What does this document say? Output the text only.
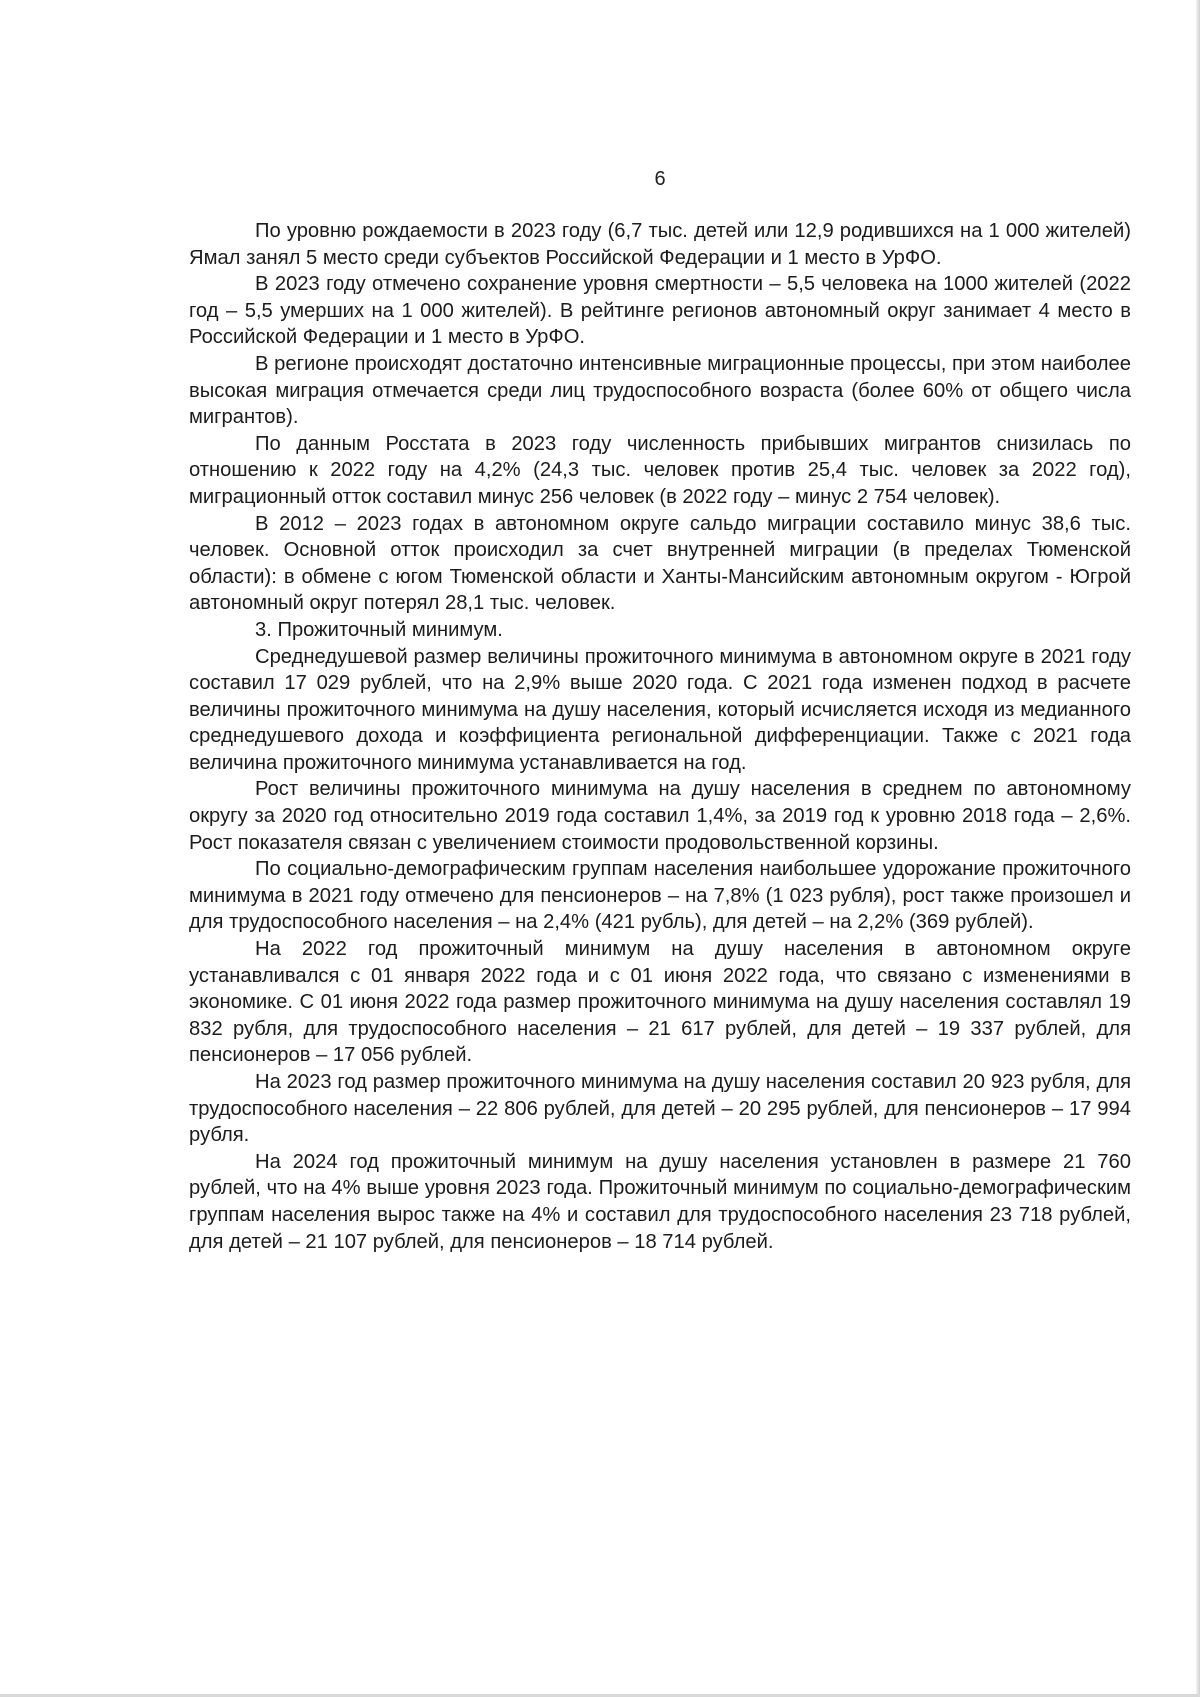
6

По уровню рождаемости в 2023 году (6,7 тыс. детей или 12,9 родившихся на 1 000 жителей) Ямал занял 5 место среди субъектов Российской Федерации и 1 место в УрФО.

В 2023 году отмечено сохранение уровня смертности – 5,5 человека на 1000 жителей (2022 год – 5,5 умерших на 1 000 жителей). В рейтинге регионов автономный округ занимает 4 место в Российской Федерации и 1 место в УрФО.

В регионе происходят достаточно интенсивные миграционные процессы, при этом наиболее высокая миграция отмечается среди лиц трудоспособного возраста (более 60% от общего числа мигрантов).

По данным Росстата в 2023 году численность прибывших мигрантов снизилась по отношению к 2022 году на 4,2% (24,3 тыс. человек против 25,4 тыс. человек за 2022 год), миграционный отток составил минус 256 человек (в 2022 году – минус 2 754 человек).

В 2012 – 2023 годах в автономном округе сальдо миграции составило минус 38,6 тыс. человек. Основной отток происходил за счет внутренней миграции (в пределах Тюменской области): в обмене с югом Тюменской области и Ханты-Мансийским автономным округом - Югрой автономный округ потерял 28,1 тыс. человек.

3. Прожиточный минимум.

Среднедушевой размер величины прожиточного минимума в автономном округе в 2021 году составил 17 029 рублей, что на 2,9% выше 2020 года. С 2021 года изменен подход в расчете величины прожиточного минимума на душу населения, который исчисляется исходя из медианного среднедушевого дохода и коэффициента региональной дифференциации. Также с 2021 года величина прожиточного минимума устанавливается на год.

Рост величины прожиточного минимума на душу населения в среднем по автономному округу за 2020 год относительно 2019 года составил 1,4%, за 2019 год к уровню 2018 года – 2,6%. Рост показателя связан с увеличением стоимости продовольственной корзины.

По социально-демографическим группам населения наибольшее удорожание прожиточного минимума в 2021 году отмечено для пенсионеров – на 7,8% (1 023 рубля), рост также произошел и для трудоспособного населения – на 2,4% (421 рубль), для детей – на 2,2% (369 рублей).

На 2022 год прожиточный минимум на душу населения в автономном округе устанавливался с 01 января 2022 года и с 01 июня 2022 года, что связано с изменениями в экономике. С 01 июня 2022 года размер прожиточного минимума на душу населения составлял 19 832 рубля, для трудоспособного населения – 21 617 рублей, для детей – 19 337 рублей, для пенсионеров – 17 056 рублей.

На 2023 год размер прожиточного минимума на душу населения составил 20 923 рубля, для трудоспособного населения – 22 806 рублей, для детей – 20 295 рублей, для пенсионеров – 17 994 рубля.

На 2024 год прожиточный минимум на душу населения установлен в размере 21 760 рублей, что на 4% выше уровня 2023 года. Прожиточный минимум по социально-демографическим группам населения вырос также на 4% и составил для трудоспособного населения 23 718 рублей, для детей – 21 107 рублей, для пенсионеров – 18 714 рублей.
